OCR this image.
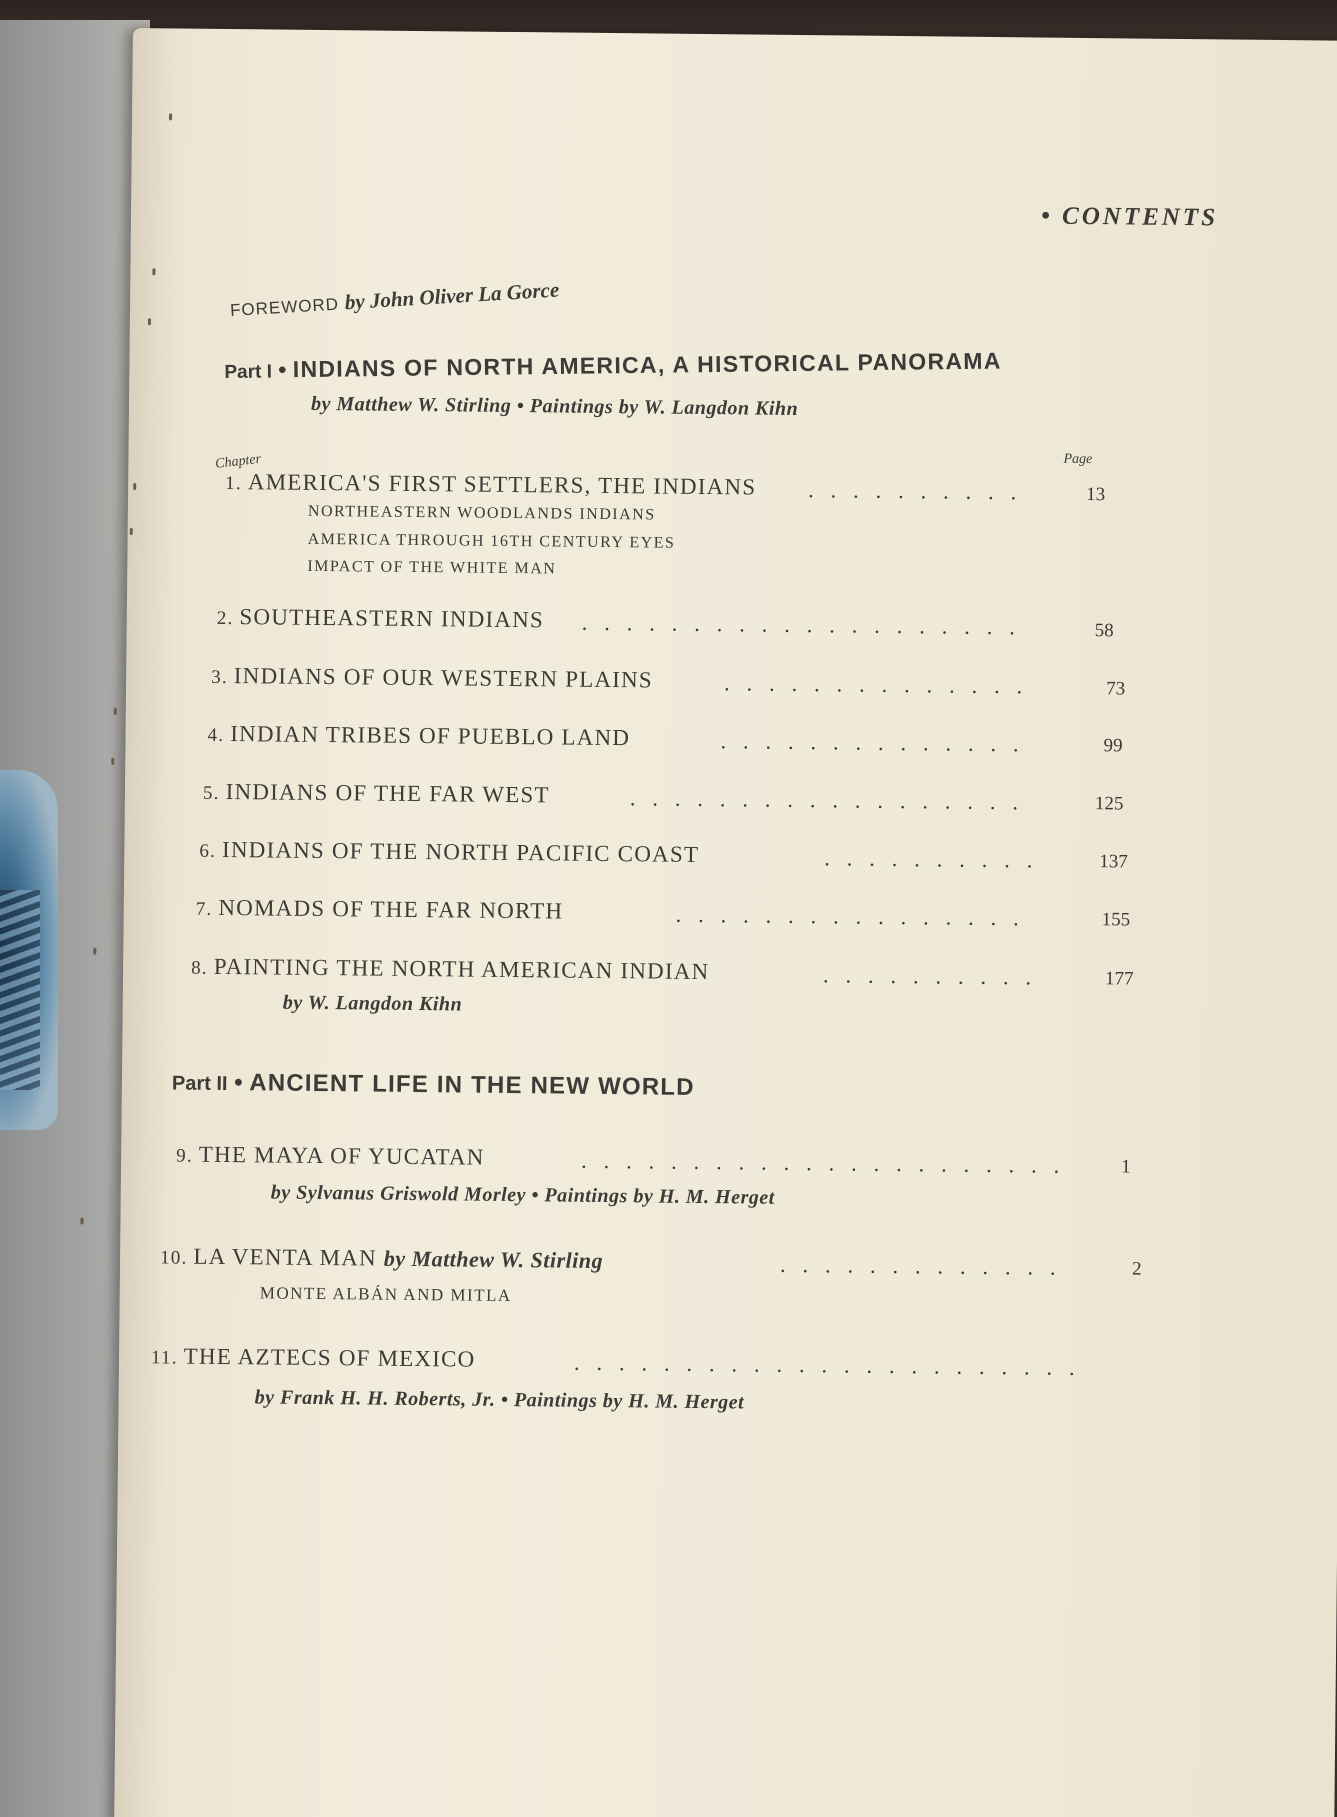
• CONTENTS
FOREWORD by John Oliver La Gorce
Part I • INDIANS OF NORTH AMERICA, A HISTORICAL PANORAMA
by Matthew W. Stirling • Paintings by W. Langdon Kihn
Chapter	Page
1. AMERICA'S FIRST SETTLERS, THE INDIANS ..........	13
NORTHEASTERN WOODLANDS INDIANS
AMERICA THROUGH 16TH CENTURY EYES
IMPACT OF THE WHITE MAN
2. SOUTHEASTERN INDIANS ....................	58
3. INDIANS OF OUR WESTERN PLAINS	..............	73
4. INDIAN TRIBES OF PUEBLO LAND	..............	99
5. INDIANS OF THE FAR WEST	..................	125
6. INDIANS OF THE NORTH PACIFIC COAST	..........	137
7. NOMADS OF THE FAR NORTH	................	155
8. PAINTING THE NORTH AMERICAN INDIAN	..........	177
by W. Langdon Kihn
Part II • ANCIENT LIFE IN THE NEW WORLD
9. THE MAYA OF YUCATAN	......................	1
by Sylvanus Griswold Morley • Paintings by H. M. Herget
10. LA VENTA MAN by Matthew W. Stirling	.............	2
MONTE ALBÁN AND MITLA
11. THE AZTECS OF MEXICO	.......................
by Frank H. H. Roberts, Jr. • Paintings by H. M. Herget
